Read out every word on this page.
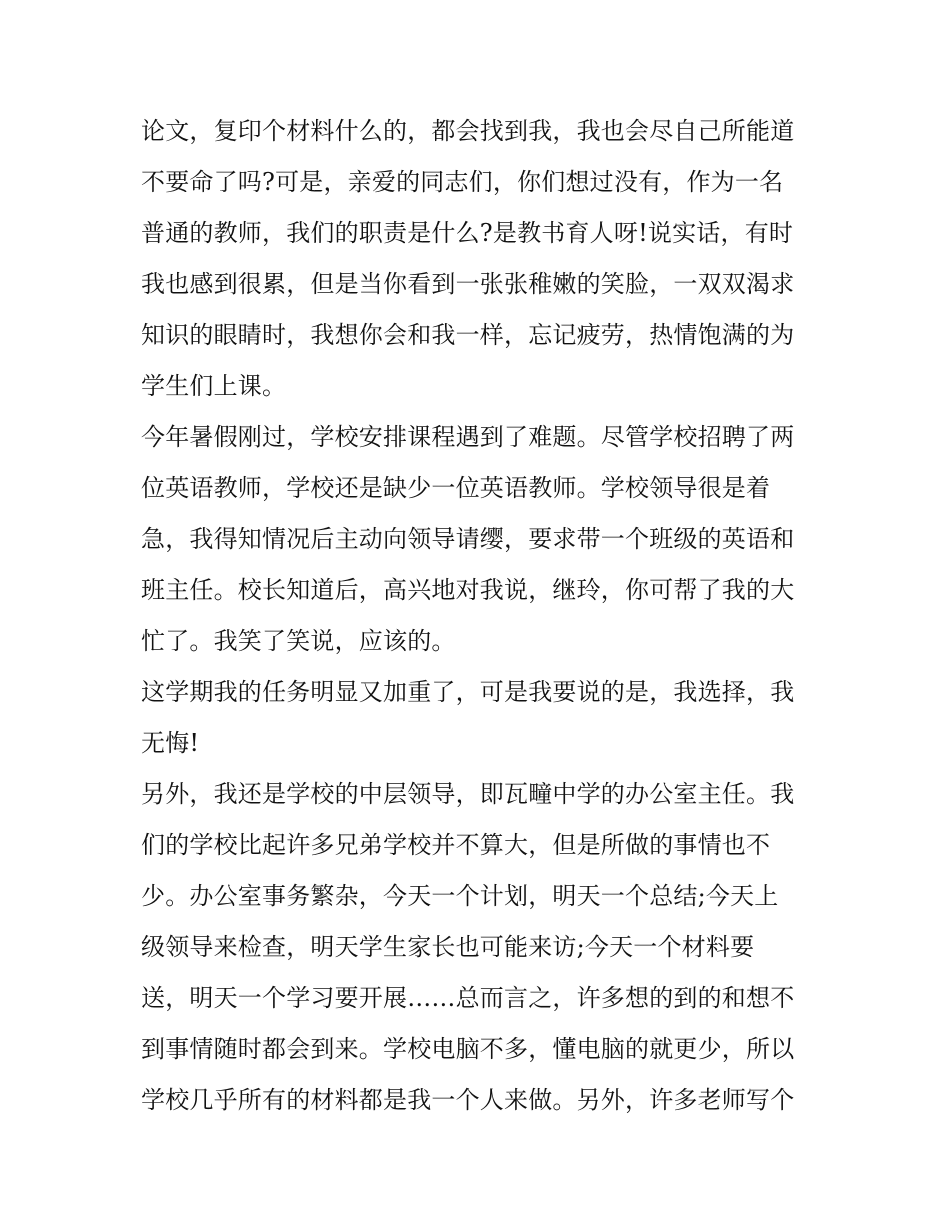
论文，复印个材料什么的，都会找到我，我也会尽自己所能道
不要命了吗?可是，亲爱的同志们，你们想过没有，作为一名
普通的教师，我们的职责是什么?是教书育人呀!说实话，有时
我也感到很累，但是当你看到一张张稚嫩的笑脸，一双双渴求
知识的眼睛时，我想你会和我一样，忘记疲劳，热情饱满的为
学生们上课。
今年暑假刚过，学校安排课程遇到了难题。尽管学校招聘了两
位英语教师，学校还是缺少一位英语教师。学校领导很是着
急，我得知情况后主动向领导请缨，要求带一个班级的英语和
班主任。校长知道后，高兴地对我说，继玲，你可帮了我的大
忙了。我笑了笑说，应该的。
这学期我的任务明显又加重了，可是我要说的是，我选择，我
无悔!
另外，我还是学校的中层领导，即瓦疃中学的办公室主任。我
们的学校比起许多兄弟学校并不算大，但是所做的事情也不
少。办公室事务繁杂，今天一个计划，明天一个总结;今天上
级领导来检查，明天学生家长也可能来访;今天一个材料要
送，明天一个学习要开展……总而言之，许多想的到的和想不
到事情随时都会到来。学校电脑不多，懂电脑的就更少，所以
学校几乎所有的材料都是我一个人来做。另外，许多老师写个
